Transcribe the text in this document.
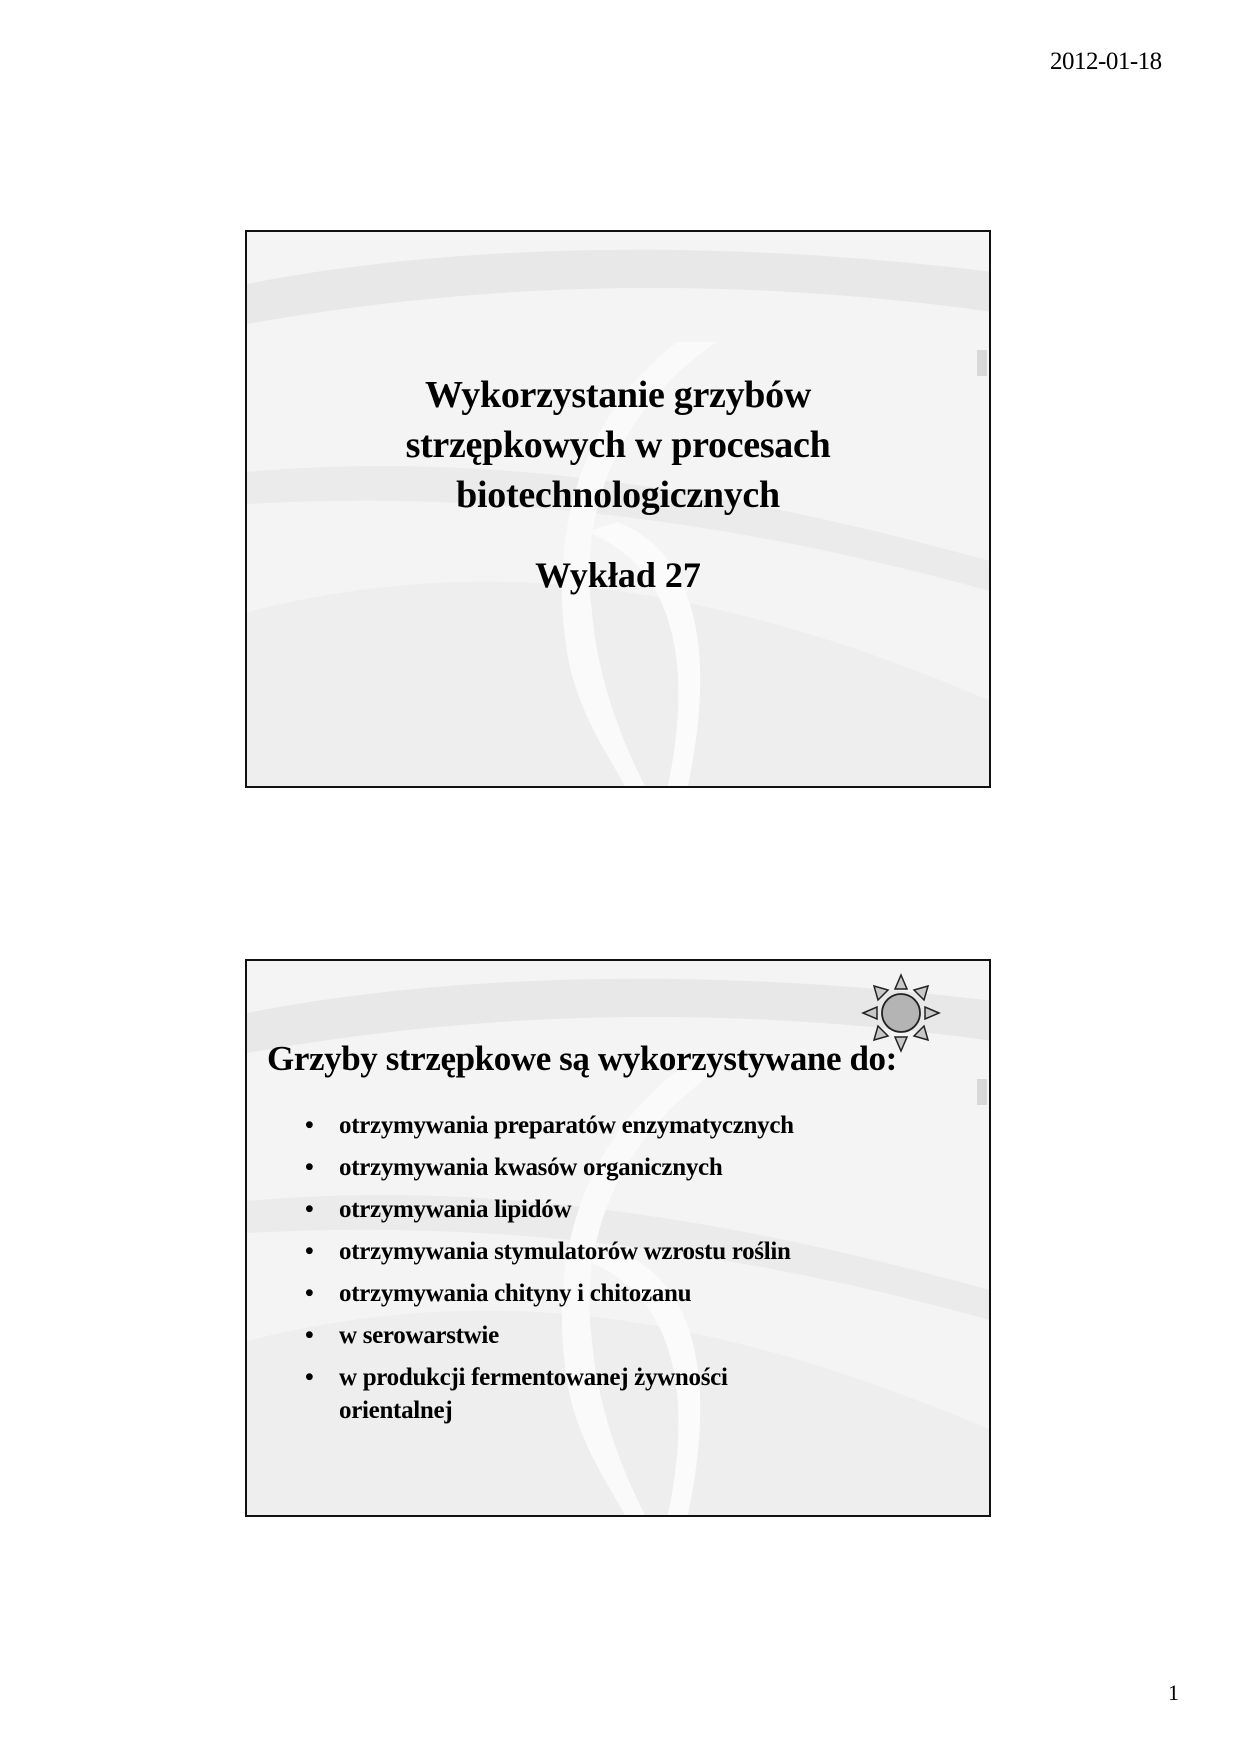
2012-01-18
Wykorzystanie grzybów
strzępkowych w procesach
biotechnologicznych
Wykład 27
Grzyby strzępkowe są wykorzystywane do:
• otrzymywania preparatów enzymatycznych
• otrzymywania kwasów organicznych
• otrzymywania lipidów
• otrzymywania stymulatorów wzrostu roślin
• otrzymywania chityny i chitozanu
• w serowarstwie
• w produkcji fermentowanej żywności orientalnej
1
